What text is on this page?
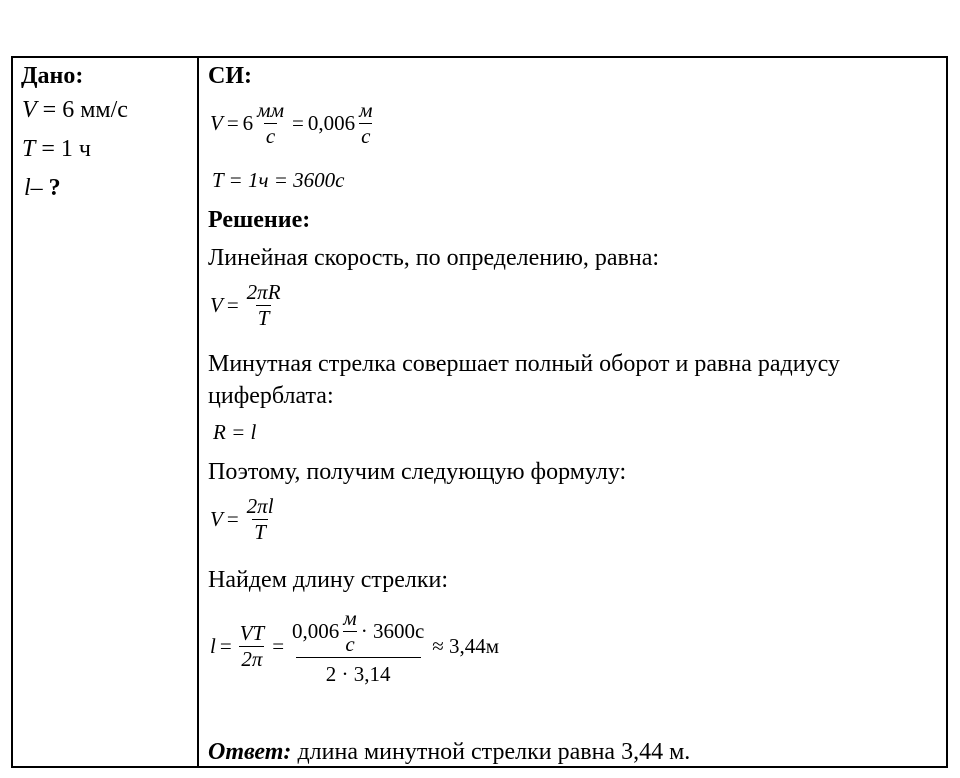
Дано:
V = 6 мм/с
T = 1 ч
l– ?
СИ:
$V = 6 \frac{мм}{c} = 0,006 \frac{м}{c}$
T = 1ч = 3600c
Решение:
Линейная скорость, по определению, равна:
$V = \frac{2\pi R}{T}$
Минутная стрелка совершает полный оборот и равна радиусу
циферблата:
R = l
Поэтому, получим следующую формулу:
$V = \frac{2\pi l}{T}$
Найдем длину стрелки:
$l = \frac{VT}{2\pi} = \frac{0,006 \frac{м}{c} \cdot 3600c}{2 \cdot 3,14} \approx 3,44м$
Ответ: длина минутной стрелки равна 3,44 м.
